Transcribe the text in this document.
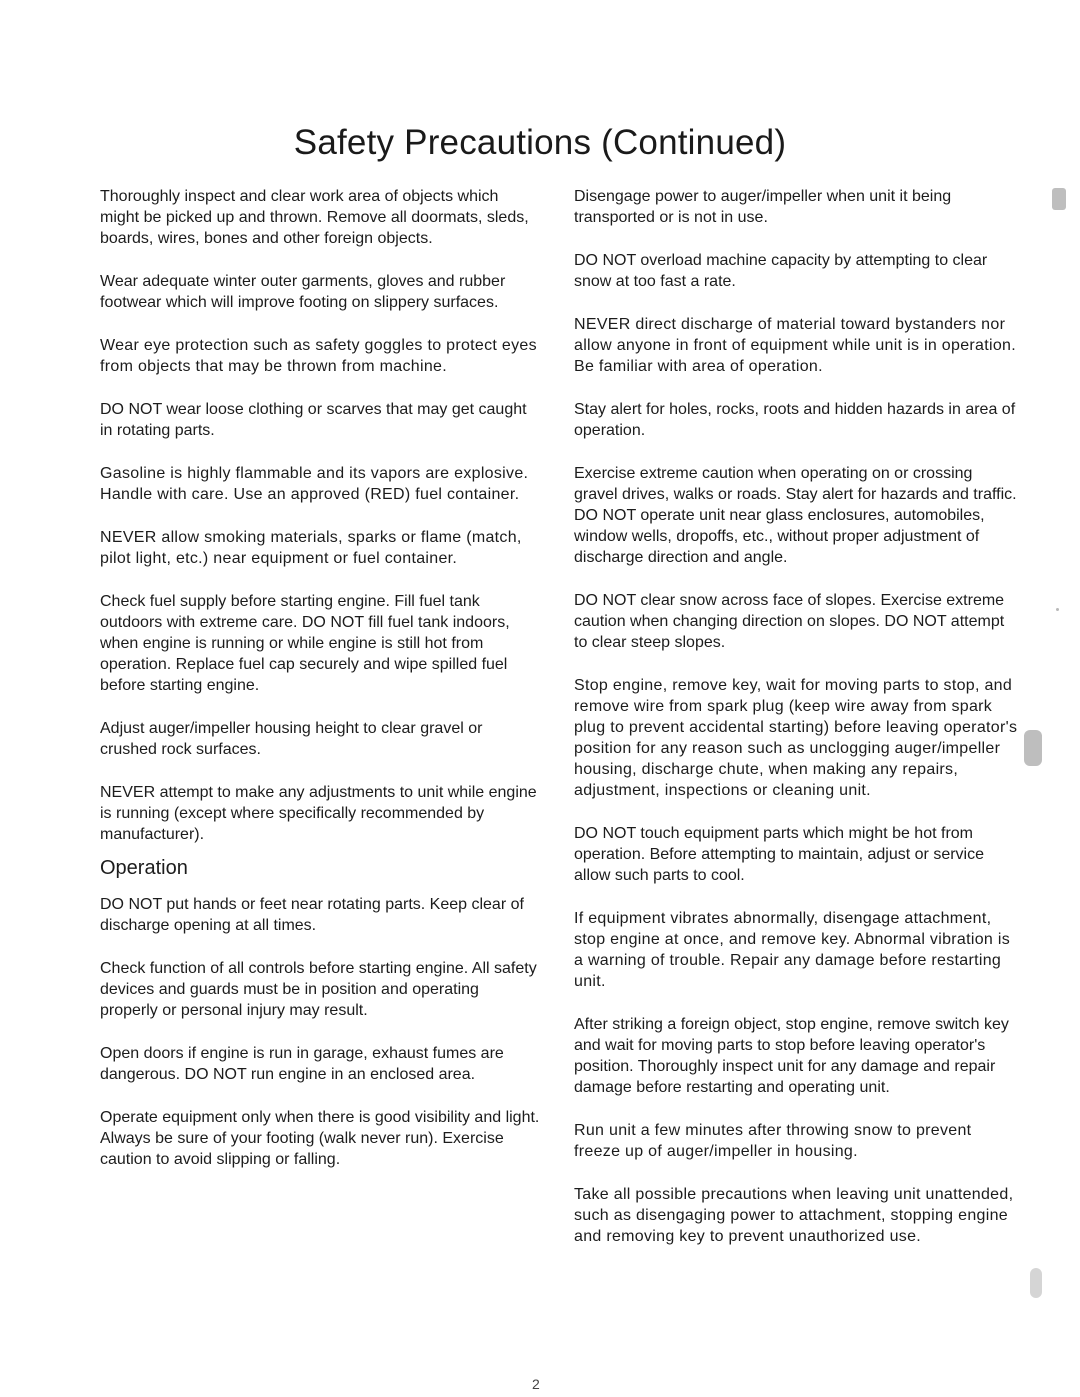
Safety Precautions (Continued)

Thoroughly inspect and clear work area of objects which might be picked up and thrown. Remove all doormats, sleds, boards, wires, bones and other foreign objects.

Wear adequate winter outer garments, gloves and rubber footwear which will improve footing on slippery surfaces.

Wear eye protection such as safety goggles to protect eyes from objects that may be thrown from machine.

DO NOT wear loose clothing or scarves that may get caught in rotating parts.

Gasoline is highly flammable and its vapors are explosive. Handle with care. Use an approved (RED) fuel container.

NEVER allow smoking materials, sparks or flame (match, pilot light, etc.) near equipment or fuel container.

Check fuel supply before starting engine. Fill fuel tank outdoors with extreme care. DO NOT fill fuel tank indoors, when engine is running or while engine is still hot from operation. Replace fuel cap securely and wipe spilled fuel before starting engine.

Adjust auger/impeller housing height to clear gravel or crushed rock surfaces.

NEVER attempt to make any adjustments to unit while engine is running (except where specifically recommended by manufacturer).

Operation

DO NOT put hands or feet near rotating parts. Keep clear of discharge opening at all times.

Check function of all controls before starting engine. All safety devices and guards must be in position and operating properly or personal injury may result.

Open doors if engine is run in garage, exhaust fumes are dangerous. DO NOT run engine in an enclosed area.

Operate equipment only when there is good visibility and light. Always be sure of your footing (walk never run). Exercise caution to avoid slipping or falling.

Disengage power to auger/impeller when unit it being transported or is not in use.

DO NOT overload machine capacity by attempting to clear snow at too fast a rate.

NEVER direct discharge of material toward bystanders nor allow anyone in front of equipment while unit is in operation. Be familiar with area of operation.

Stay alert for holes, rocks, roots and hidden hazards in area of operation.

Exercise extreme caution when operating on or crossing gravel drives, walks or roads. Stay alert for hazards and traffic. DO NOT operate unit near glass enclosures, automobiles, window wells, dropoffs, etc., without proper adjustment of discharge direction and angle.

DO NOT clear snow across face of slopes. Exercise extreme caution when changing direction on slopes. DO NOT attempt to clear steep slopes.

Stop engine, remove key, wait for moving parts to stop, and remove wire from spark plug (keep wire away from spark plug to prevent accidental starting) before leaving operator's position for any reason such as unclogging auger/impeller housing, discharge chute, when making any repairs, adjustment, inspections or cleaning unit.

DO NOT touch equipment parts which might be hot from operation. Before attempting to maintain, adjust or service allow such parts to cool.

If equipment vibrates abnormally, disengage attachment, stop engine at once, and remove key. Abnormal vibration is a warning of trouble. Repair any damage before restarting unit.

After striking a foreign object, stop engine, remove switch key and wait for moving parts to stop before leaving operator's position. Thoroughly inspect unit for any damage and repair damage before restarting and operating unit.

Run unit a few minutes after throwing snow to prevent freeze up of auger/impeller in housing.

Take all possible precautions when leaving unit unattended, such as disengaging power to attachment, stopping engine and removing key to prevent unauthorized use.

2
